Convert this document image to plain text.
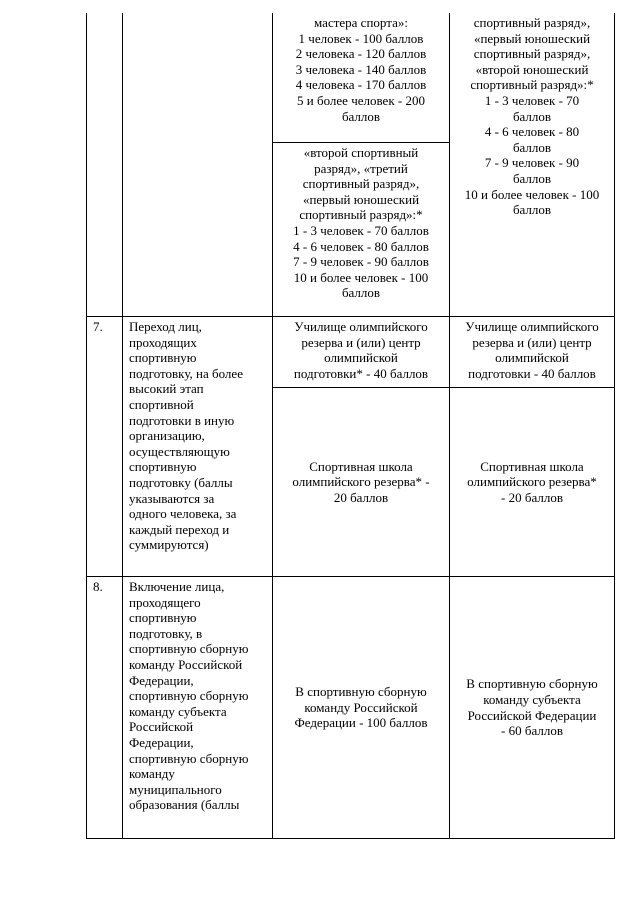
мастера спорта»:
1 человек - 100 баллов
2 человека - 120 баллов
3 человека - 140 баллов
4 человека - 170 баллов
5 и более человек - 200
баллов
«второй спортивный
разряд», «третий
спортивный разряд»,
«первый юношеский
спортивный разряд»:*
1 - 3 человек - 70 баллов
4 - 6 человек - 80 баллов
7 - 9 человек - 90 баллов
10 и более человек - 100
баллов
спортивный разряд»,
«первый юношеский
спортивный разряд»,
«второй юношеский
спортивный разряд»:*
1 - 3 человек - 70
баллов
4 - 6 человек - 80
баллов
7 - 9 человек - 90
баллов
10 и более человек - 100
баллов
7.	Переход лиц,
проходящих
спортивную
подготовку, на более
высокий этап
спортивной
подготовки в иную
организацию,
осуществляющую
спортивную
подготовку (баллы
указываются за
одного человека, за
каждый переход и
суммируются)
Училище олимпийского
резерва и (или) центр
олимпийской
подготовки* - 40 баллов
Училище олимпийского
резерва и (или) центр
олимпийской
подготовки - 40 баллов
Спортивная школа
олимпийского резерва* -
20 баллов
Спортивная школа
олимпийского резерва*
- 20 баллов
8.	Включение лица,
проходящего
спортивную
подготовку, в
спортивную сборную
команду Российской
Федерации,
спортивную сборную
команду субъекта
Российской
Федерации,
спортивную сборную
команду
муниципального
образования (баллы
В спортивную сборную
команду Российской
Федерации - 100 баллов
В спортивную сборную
команду субъекта
Российской Федерации
- 60 баллов
